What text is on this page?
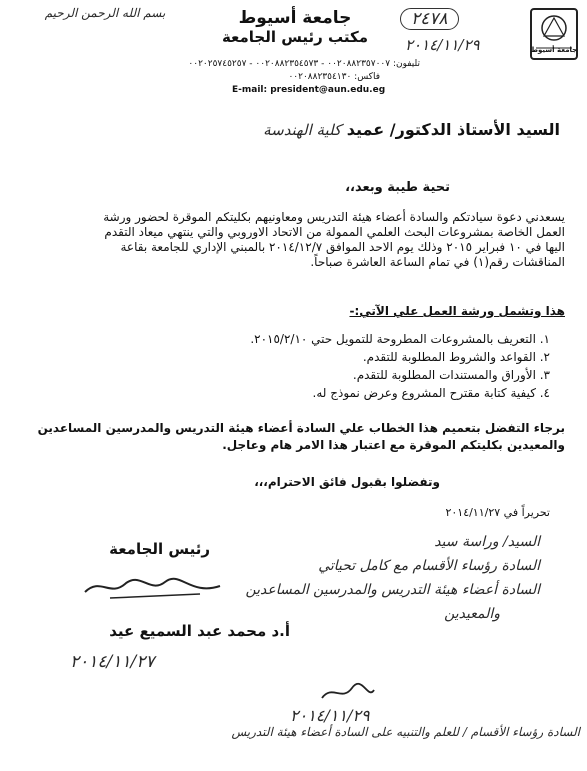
بسم الله الرحمن الرحيم	جامعة أسيوط
مكتب رئيس الجامعة
تليفون: ٠٠٢٠٨٨٢٣٥٧٠٠٧ - ٠٠٢٠٨٨٢٣٥٤٥٧٣ - ٠٠٢٠٢٥٧٤٥٢٥٧
فاكس: ٠٠٢٠٨٨٢٣٥٤١٣٠
E-mail: president@aun.edu.eg
٢٤٧٨
٢٠١٤/١١/٢٩	جامعة أسيوط
السيد الأستاذ الدكتور/ عميد كلية الهندسة
تحية طيبة وبعد،،
يسعدني دعوة سيادتكم والسادة أعضاء هيئة التدريس ومعاونيهم بكليتكم الموقرة لحضور ورشة
العمل الخاصة بمشروعات البحث العلمي الممولة من الاتحاد الاوروبي والتي ينتهي ميعاد التقدم
اليها في ١٠ فبراير ٢٠١٥ وذلك يوم الاحد الموافق ٢٠١٤/١٢/٧ بالمبني الإداري للجامعة بقاعة
المناقشات رقم(١) في تمام الساعة العاشرة صباحاً.
هذا وتشمل ورشة العمل علي الآتي:-
١. التعريف بالمشروعات المطروحة للتمويل حتي ٢٠١٥/٢/١٠.
٢. القواعد والشروط المطلوبة للتقدم.
٣. الأوراق والمستندات المطلوبة للتقدم.
٤. كيفية كتابة مقترح المشروع وعرض نموذج له.
برجاء التفضل بتعميم هذا الخطاب علي السادة أعضاء هيئة التدريس والمدرسين المساعدين
والمعيدين بكليتكم الموقرة مع اعتبار هذا الامر هام وعاجل.
وتفضلوا بقبول فائق الاحترام،،،
تحريراً في ٢٠١٤/١١/٢٧
رئيس الجامعة
أ.د محمد عبد السميع عيد
السيد/ وراسة سيد
السادة رؤساء الأقسام مع كامل تحياتي
السادة أعضاء هيئة التدريس والمدرسين المساعدين
والمعيدين
٢٠١٤/١١/٢٧
٢٠١٤/١١/٢٩
السادة رؤساء الأقسام / للعلم والتنبيه على السادة أعضاء هيئة التدريس
